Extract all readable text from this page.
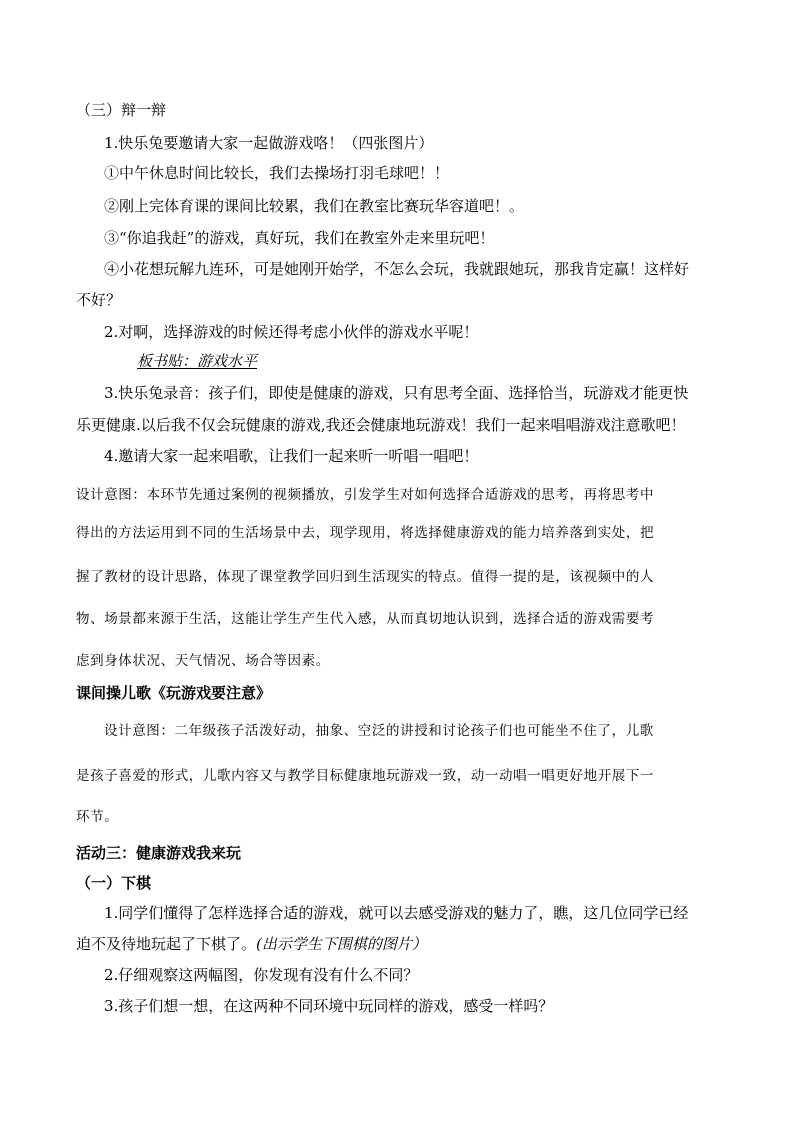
（三）辩一辩
1.快乐兔要邀请大家一起做游戏咯！（四张图片）
①中午休息时间比较长，我们去操场打羽毛球吧！！
②刚上完体育课的课间比较累，我们在教室比赛玩华容道吧！。
③“你追我赶”的游戏，真好玩，我们在教室外走来里玩吧！
④小花想玩解九连环，可是她刚开始学，不怎么会玩，我就跟她玩，那我肯定赢！这样好
不好？
2.对啊，选择游戏的时候还得考虑小伙伴的游戏水平呢！
板书贴：游戏水平
3.快乐兔录音：孩子们，即使是健康的游戏，只有思考全面、选择恰当，玩游戏才能更快
乐更健康.以后我不仅会玩健康的游戏,我还会健康地玩游戏！我们一起来唱唱游戏注意歌吧！
4.邀请大家一起来唱歌，让我们一起来听一听唱一唱吧！
设计意图：本环节先通过案例的视频播放，引发学生对如何选择合适游戏的思考，再将思考中
得出的方法运用到不同的生活场景中去，现学现用，将选择健康游戏的能力培养落到实处，把
握了教材的设计思路，体现了课堂教学回归到生活现实的特点。值得一提的是，该视频中的人
物、场景都来源于生活，这能让学生产生代入感，从而真切地认识到，选择合适的游戏需要考
虑到身体状况、天气情况、场合等因素。
课间操儿歌《玩游戏要注意》
设计意图：二年级孩子活泼好动，抽象、空泛的讲授和讨论孩子们也可能坐不住了，儿歌
是孩子喜爱的形式，儿歌内容又与教学目标健康地玩游戏一致，动一动唱一唱更好地开展下一
环节。
活动三：健康游戏我来玩
（一）下棋
1.同学们懂得了怎样选择合适的游戏，就可以去感受游戏的魅力了，瞧，这几位同学已经
迫不及待地玩起了下棋了。(出示学生下围棋的图片）
2.仔细观察这两幅图，你发现有没有什么不同？
3.孩子们想一想，在这两种不同环境中玩同样的游戏，感受一样吗？
